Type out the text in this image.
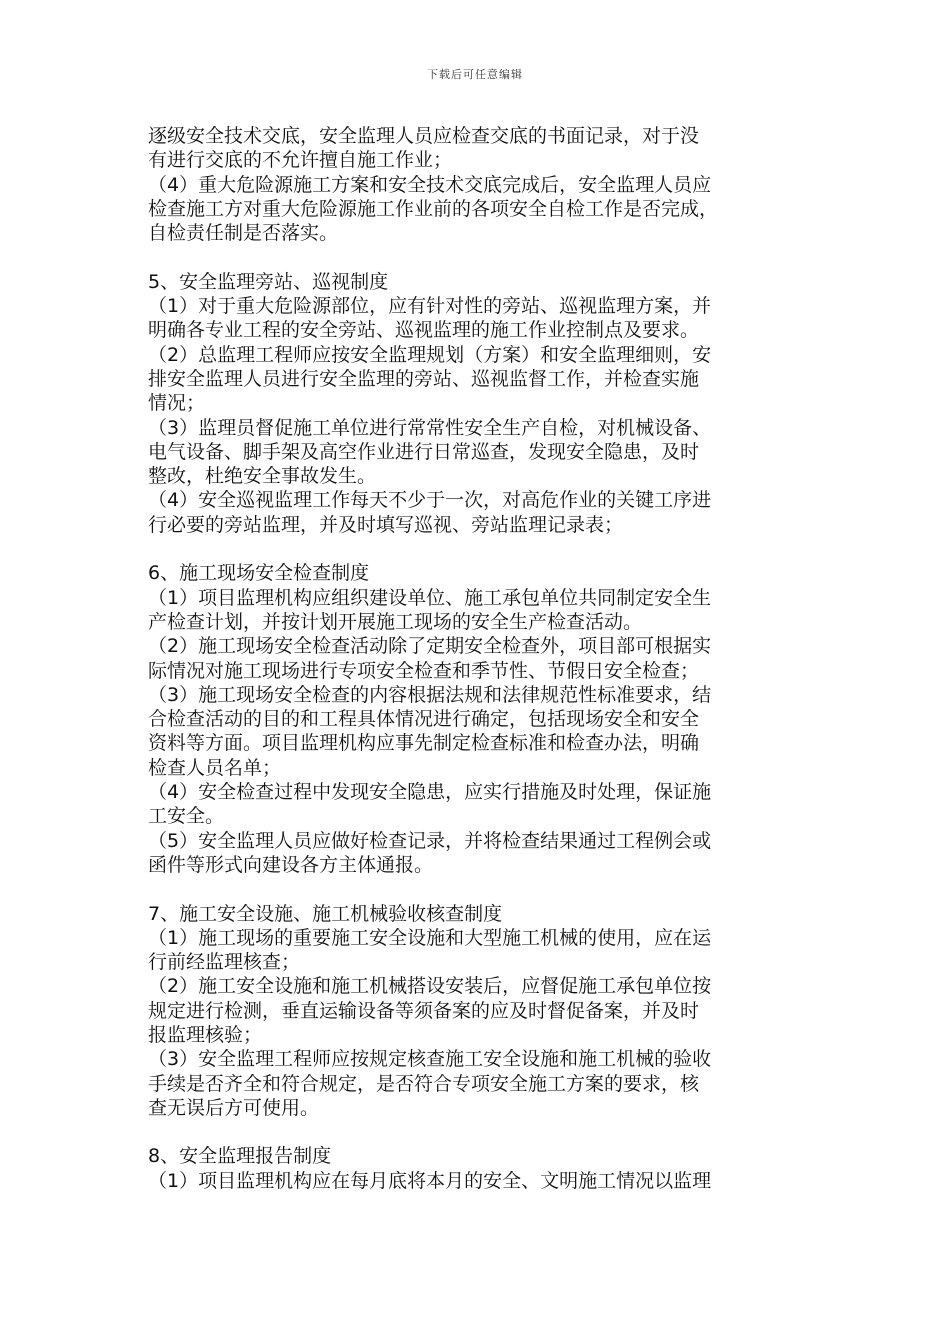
下载后可任意编辑
逐级安全技术交底，安全监理人员应检查交底的书面记录，对于没
有进行交底的不允许擅自施工作业；
（4）重大危险源施工方案和安全技术交底完成后，安全监理人员应
检查施工方对重大危险源施工作业前的各项安全自检工作是否完成，
自检责任制是否落实。
5、安全监理旁站、巡视制度
（1）对于重大危险源部位，应有针对性的旁站、巡视监理方案，并
明确各专业工程的安全旁站、巡视监理的施工作业控制点及要求。
（2）总监理工程师应按安全监理规划（方案）和安全监理细则，安
排安全监理人员进行安全监理的旁站、巡视监督工作，并检查实施
情况；
（3）监理员督促施工单位进行常常性安全生产自检，对机械设备、
电气设备、脚手架及高空作业进行日常巡查，发现安全隐患，及时
整改，杜绝安全事故发生。
（4）安全巡视监理工作每天不少于一次，对高危作业的关键工序进
行必要的旁站监理，并及时填写巡视、旁站监理记录表；
6、施工现场安全检查制度
（1）项目监理机构应组织建设单位、施工承包单位共同制定安全生
产检查计划，并按计划开展施工现场的安全生产检查活动。
（2）施工现场安全检查活动除了定期安全检查外，项目部可根据实
际情况对施工现场进行专项安全检查和季节性、节假日安全检查；
（3）施工现场安全检查的内容根据法规和法律规范性标准要求，结
合检查活动的目的和工程具体情况进行确定，包括现场安全和安全
资料等方面。项目监理机构应事先制定检查标准和检查办法，明确
检查人员名单；
（4）安全检查过程中发现安全隐患，应实行措施及时处理，保证施
工安全。
（5）安全监理人员应做好检查记录，并将检查结果通过工程例会或
函件等形式向建设各方主体通报。
7、施工安全设施、施工机械验收核查制度
（1）施工现场的重要施工安全设施和大型施工机械的使用，应在运
行前经监理核查；
（2）施工安全设施和施工机械搭设安装后，应督促施工承包单位按
规定进行检测，垂直运输设备等须备案的应及时督促备案，并及时
报监理核验；
（3）安全监理工程师应按规定核查施工安全设施和施工机械的验收
手续是否齐全和符合规定，是否符合专项安全施工方案的要求，核
查无误后方可使用。
8、安全监理报告制度
（1）项目监理机构应在每月底将本月的安全、文明施工情况以监理
